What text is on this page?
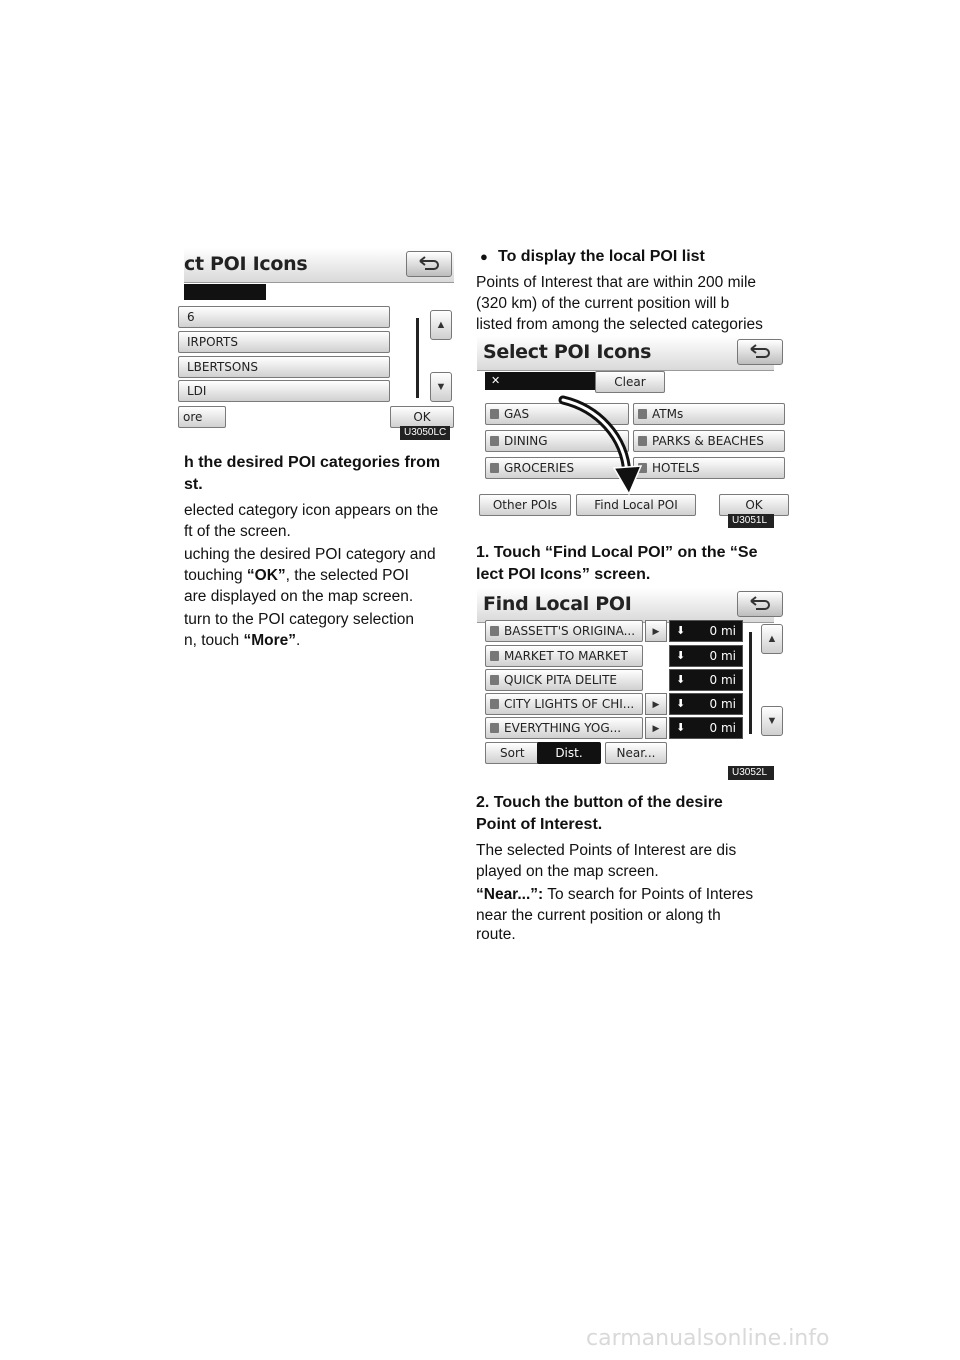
ct POI Icons
6
IRPORTS
LBERTSONS
LDI
▲
▼
ore	OK
U3050LC
h the desired POI categories from
st.
elected category icon appears on the
ft of the screen.
uching the desired POI category and
touching “OK”, the selected POI
are displayed on the map screen.
turn to the POI category selection
n, touch “More”.
● To display the local POI list
Points of Interest that are within 200 mile
(320 km) of the current position will b
listed from among the selected categories
Select POI Icons
✕	Clear
GAS	ATMs
DINING	PARKS & BEACHES
GROCERIES	HOTELS
Other POIs	Find Local POI	OK
U3051L
1. Touch “Find Local POI” on the “Se
lect POI Icons” screen.
Find Local POI
BASSETT'S ORIGINA...	▶	⬇ 0 mi
MARKET TO MARKET	⬇ 0 mi
QUICK PITA DELITE	⬇ 0 mi
CITY LIGHTS OF CHI...	▶	⬇ 0 mi
EVERYTHING YOG...	▶	⬇ 0 mi
▲
▼
Sort	Dist.	Near...
U3052L
2. Touch the button of the desire
Point of Interest.
The selected Points of Interest are dis
played on the map screen.
“Near...”: To search for Points of Interes
near the current position or along th
route.
carmanualsonline.info
